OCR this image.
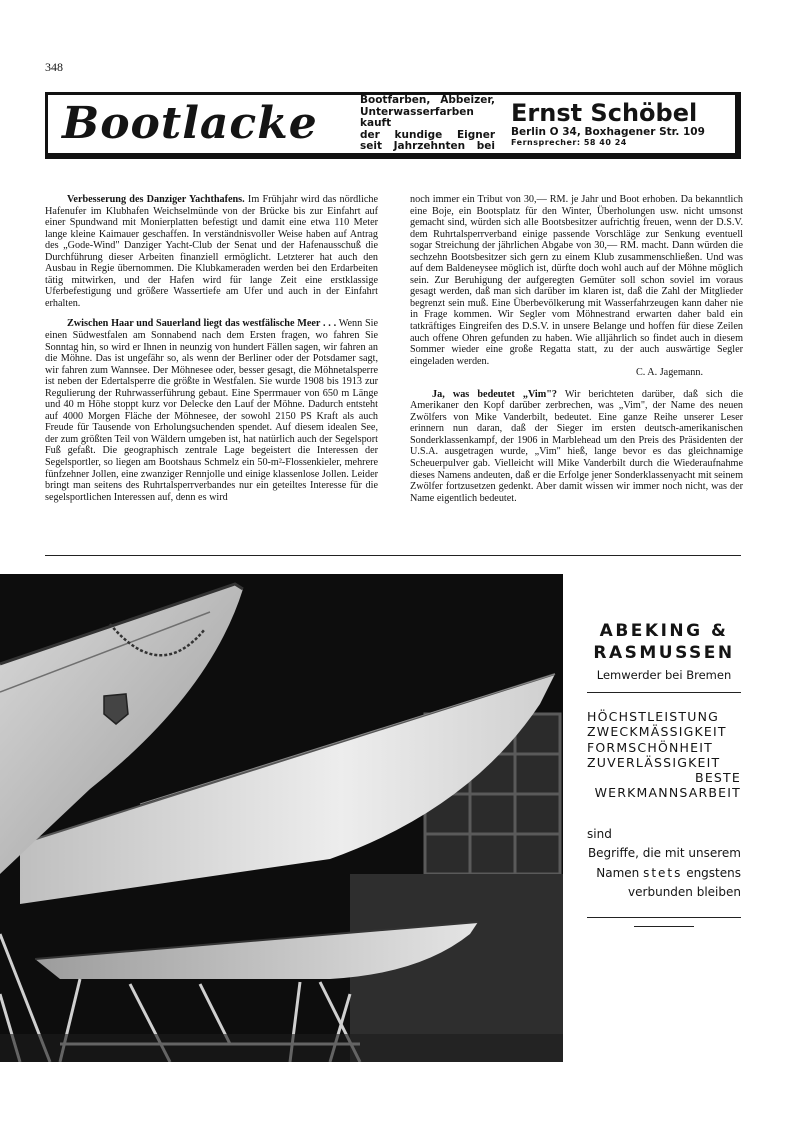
348
Bootlacke	Bootfarben, Abbeizer,
Unterwasserfarben kauft
der kundige Eigner
seit Jahrzehnten bei
Ernst Schöbel
Berlin O 34, Boxhagener Str. 109
Fernsprecher: 58 40 24

Verbesserung des Danziger Yachthafens. Im Frühjahr wird das nördliche Hafenufer im Klubhafen Weichselmünde von der Brücke bis zur Einfahrt auf einer Spundwand mit Monierplatten befestigt und damit eine etwa 110 Meter lange kleine Kaimauer geschaffen. In verständnisvoller Weise haben auf Antrag des „Gode-Wind" Danziger Yacht-Club der Senat und der Hafenausschuß die Durchführung dieser Arbeiten finanziell ermöglicht. Letzterer hat auch den Ausbau in Regie übernommen. Die Klubkameraden werden bei den Erdarbeiten tätig mitwirken, und der Hafen wird für lange Zeit eine erstklassige Uferbefestigung und größere Wassertiefe am Ufer und auch in der Einfahrt erhalten.

Zwischen Haar und Sauerland liegt das westfälische Meer . . . Wenn Sie einen Südwestfalen am Sonnabend nach dem Ersten fragen, wo fahren Sie Sonntag hin, so wird er Ihnen in neunzig von hundert Fällen sagen, wir fahren an die Möhne. Das ist ungefähr so, als wenn der Berliner oder der Potsdamer sagt, wir fahren zum Wannsee. Der Möhnesee oder, besser gesagt, die Möhnetalsperre ist neben der Edertalsperre die größte in Westfalen. Sie wurde 1908 bis 1913 zur Regulierung der Ruhrwasserführung gebaut. Eine Sperrmauer von 650 m Länge und 40 m Höhe stoppt kurz vor Delecke den Lauf der Möhne. Dadurch entsteht auf 4000 Morgen Fläche der Möhnesee, der sowohl 2150 PS Kraft als auch Freude für Tausende von Erholungsuchenden spendet. Auf diesem idealen See, der zum größten Teil von Wäldern umgeben ist, hat natürlich auch der Segelsport Fuß gefaßt. Die geographisch zentrale Lage begeistert die Interessen der Segelsportler, so liegen am Bootshaus Schmelz ein 50-m²-Flossenkieler, mehrere fünfzehner Jollen, eine zwanziger Rennjolle und einige klassenlose Jollen. Leider bringt man seitens des Ruhrtalsperrverbandes nur ein geteiltes Interesse für die segelsportlichen Interessen auf, denn es wird

noch immer ein Tribut von 30,— RM. je Jahr und Boot erhoben. Da bekanntlich eine Boje, ein Bootsplatz für den Winter, Überholungen usw. nicht umsonst gemacht sind, würden sich alle Bootsbesitzer aufrichtig freuen, wenn der D.S.V. dem Ruhrtalsperrverband einige passende Vorschläge zur Senkung eventuell sogar Streichung der jährlichen Abgabe von 30,— RM. macht. Dann würden die sechzehn Bootsbesitzer sich gern zu einem Klub zusammenschließen. Und was auf dem Baldeneysee möglich ist, dürfte doch wohl auch auf der Möhne möglich sein. Zur Beruhigung der aufgeregten Gemüter soll schon soviel im voraus gesagt werden, daß man sich darüber im klaren ist, daß die Zahl der Mitglieder begrenzt sein muß. Eine Überbevölkerung mit Wasserfahrzeugen kann daher nie in Frage kommen. Wir Segler vom Möhnestrand erwarten daher bald ein tatkräftiges Eingreifen des D.S.V. in unsere Belange und hoffen für diese Zeilen auch offene Ohren gefunden zu haben. Wie alljährlich so findet auch in diesem Sommer wieder eine große Regatta statt, zu der auch auswärtige Segler eingeladen werden.

C. A. Jagemann.

Ja, was bedeutet „Vim"? Wir berichteten darüber, daß sich die Amerikaner den Kopf darüber zerbrechen, was „Vim", der Name des neuen Zwölfers von Mike Vanderbilt, bedeutet. Eine ganze Reihe unserer Leser erinnern nun daran, daß der Sieger im ersten deutsch-amerikanischen Sonderklassenkampf, der 1906 in Marblehead um den Preis des Präsidenten der U.S.A. ausgetragen wurde, „Vim" hieß, lange bevor es das gleichnamige Scheuerpulver gab. Vielleicht will Mike Vanderbilt durch die Wiederaufnahme dieses Namens andeuten, daß er die Erfolge jener Sonderklassenyacht mit seinem Zwölfer fortzusetzen gedenkt. Aber damit wissen wir immer noch nicht, was der Name eigentlich bedeutet.

ABEKING &
RASMUSSEN
Lemwerder bei Bremen
HÖCHSTLEISTUNG
ZWECKMÄSSIGKEIT
FORMSCHÖNHEIT
ZUVERLÄSSIGKEIT
BESTE
WERKMANNSARBEIT
sind
Begriffe, die mit unserem
Namen stets engstens
verbunden bleiben
